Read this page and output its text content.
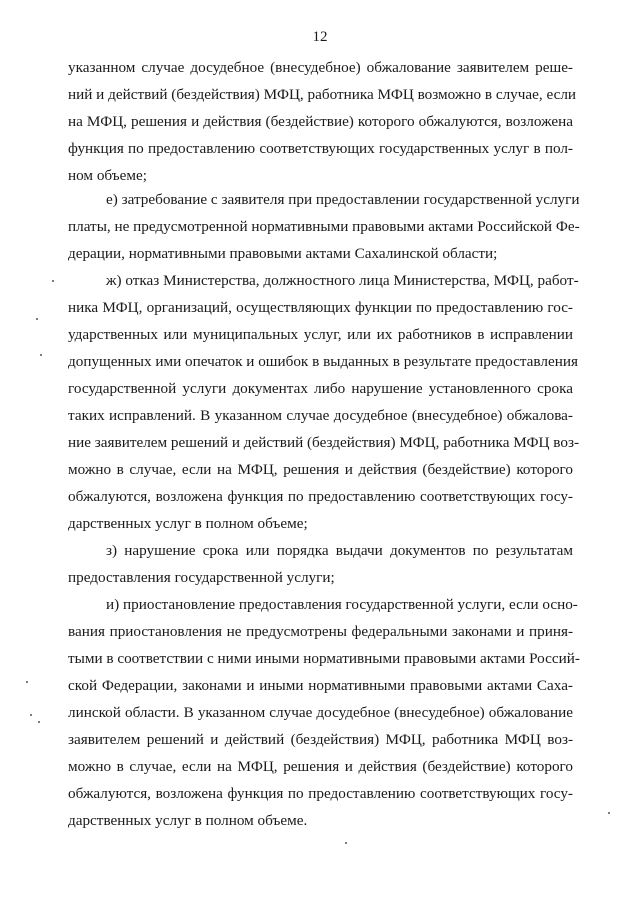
12
указанном случае досудебное (внесудебное) обжалование заявителем реше-
ний и действий (бездействия) МФЦ, работника МФЦ возможно в случае, если
на МФЦ, решения и действия (бездействие) которого обжалуются, возложена
функция по предоставлению соответствующих государственных услуг в пол-
ном объеме;
е) затребование с заявителя при предоставлении государственной услуги
платы, не предусмотренной нормативными правовыми актами Российской Фе-
дерации, нормативными правовыми актами Сахалинской области;
ж) отказ Министерства, должностного лица Министерства, МФЦ, работ-
ника МФЦ, организаций, осуществляющих функции по предоставлению гос-
ударственных или муниципальных услуг, или их работников в исправлении
допущенных ими опечаток и ошибок в выданных в результате предоставления
государственной услуги документах либо нарушение установленного срока
таких исправлений. В указанном случае досудебное (внесудебное) обжалова-
ние заявителем решений и действий (бездействия) МФЦ, работника МФЦ воз-
можно в случае, если на МФЦ, решения и действия (бездействие) которого
обжалуются, возложена функция по предоставлению соответствующих госу-
дарственных услуг в полном объеме;
з) нарушение срока или порядка выдачи документов по результатам
предоставления государственной услуги;
и) приостановление предоставления государственной услуги, если осно-
вания приостановления не предусмотрены федеральными законами и приня-
тыми в соответствии с ними иными нормативными правовыми актами Россий-
ской Федерации, законами и иными нормативными правовыми актами Саха-
линской области. В указанном случае досудебное (внесудебное) обжалование
заявителем решений и действий (бездействия) МФЦ, работника МФЦ воз-
можно в случае, если на МФЦ, решения и действия (бездействие) которого
обжалуются, возложена функция по предоставлению соответствующих госу-
дарственных услуг в полном объеме.
